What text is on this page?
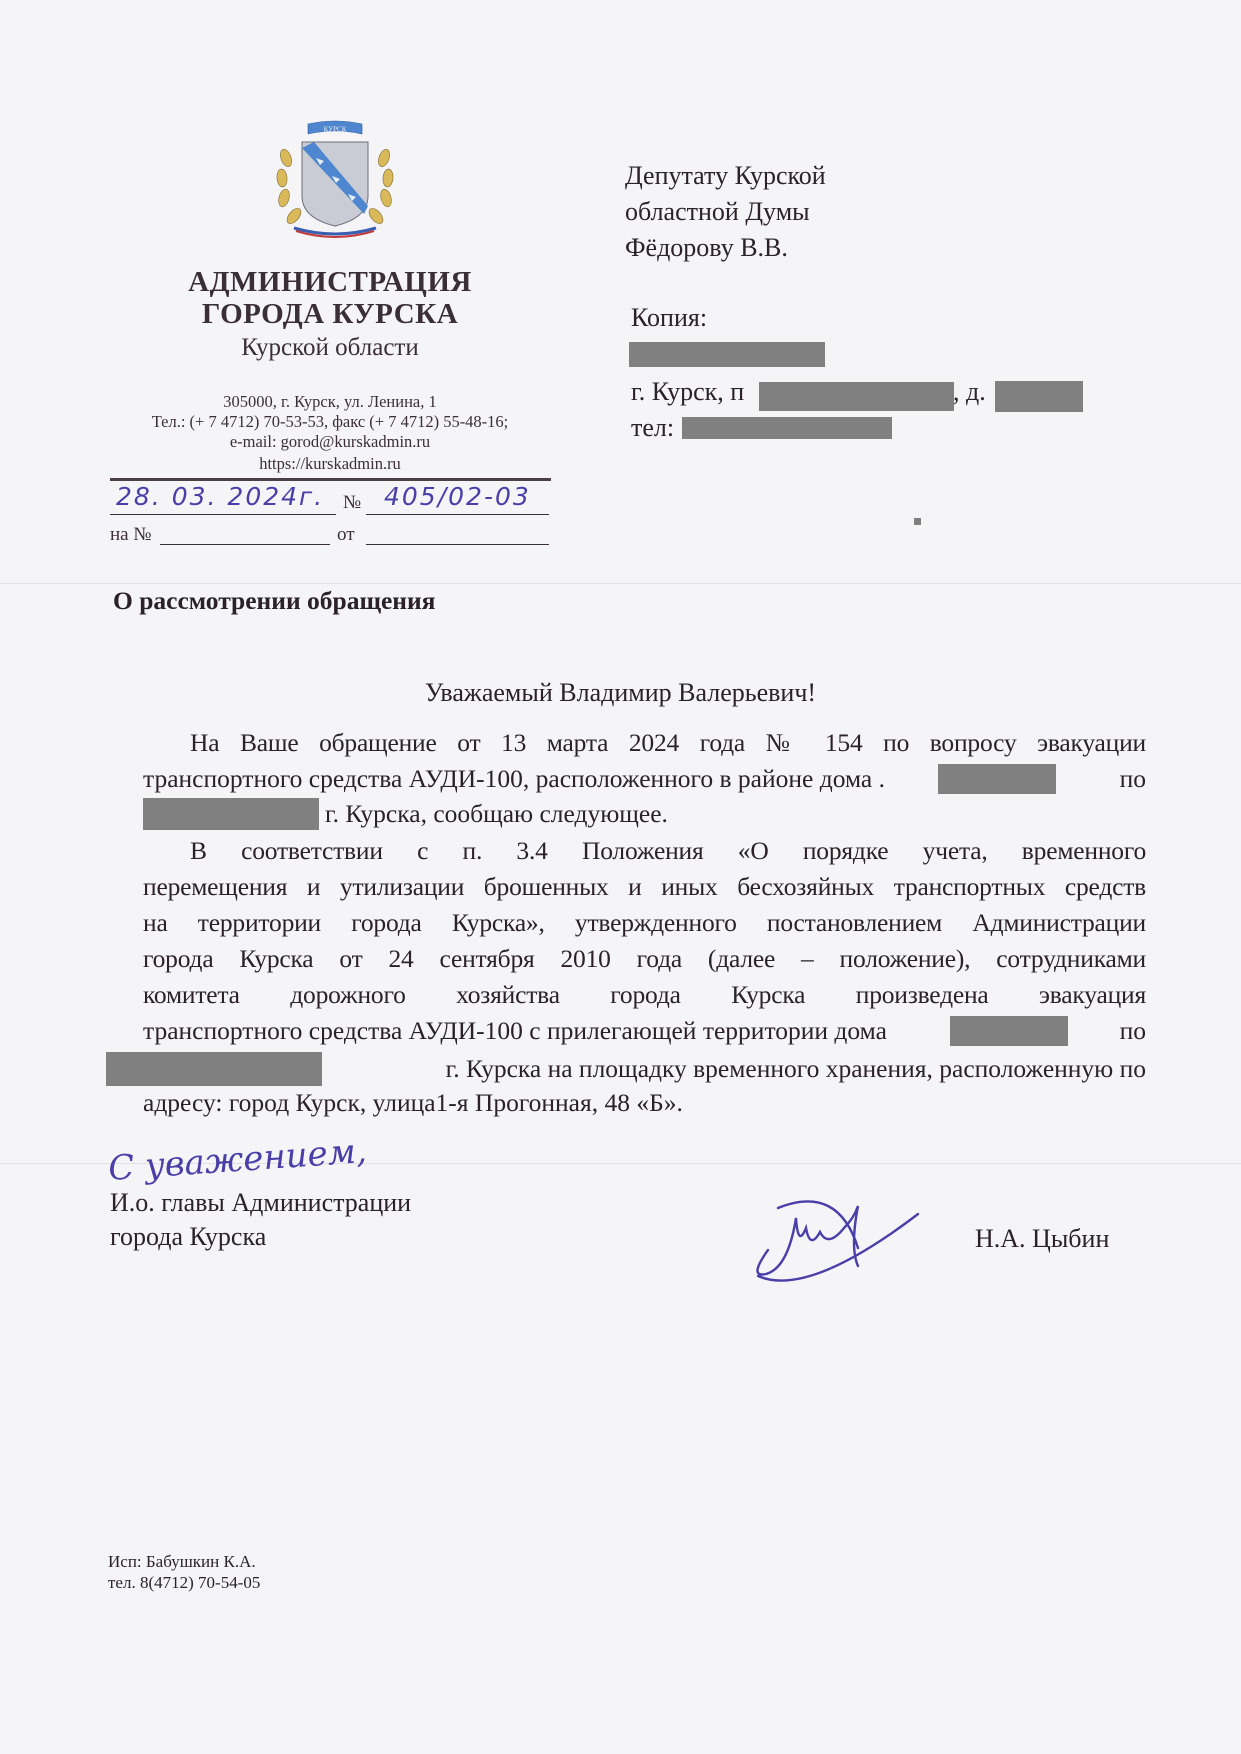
КУРСК
АДМИНИСТРАЦИЯ
ГОРОДА КУРСКА
Курской области
305000, г. Курск, ул. Ленина, 1
Тел.: (+ 7 4712) 70-53-53, факс (+ 7 4712) 55-48-16;
e-mail: gorod@kurskadmin.ru
https://kurskadmin.ru
28. 03. 2024г. № 405/02-03
на №	от
Депутату Курской
областной Думы
Фёдорову В.В.
Копия:
г. Курск, п	, д.
тел:
О рассмотрении обращения
Уважаемый Владимир Валерьевич!
На Ваше обращение от 13 марта 2024 года № 154 по вопросу эвакуации
транспортного средства АУДИ-100, расположенного в районе дома .	по
г. Курска, сообщаю следующее.
В соответствии с п. 3.4 Положения «О порядке учета, временного
перемещения и утилизации брошенных и иных бесхозяйных транспортных средств
на территории города Курска», утвержденного постановлением Администрации
города Курска от 24 сентября 2010 года (далее – положение), сотрудниками
комитета дорожного хозяйства города Курска произведена эвакуация
транспортного средства АУДИ-100 с прилегающей территории дома	по
г. Курска на площадку временного хранения, расположенную по
адресу: город Курск, улица1-я Прогонная, 48 «Б».
С уважением,
И.о. главы Администрации
города Курска	Н.А. Цыбин
Исп: Бабушкин К.А.
тел. 8(4712) 70-54-05
